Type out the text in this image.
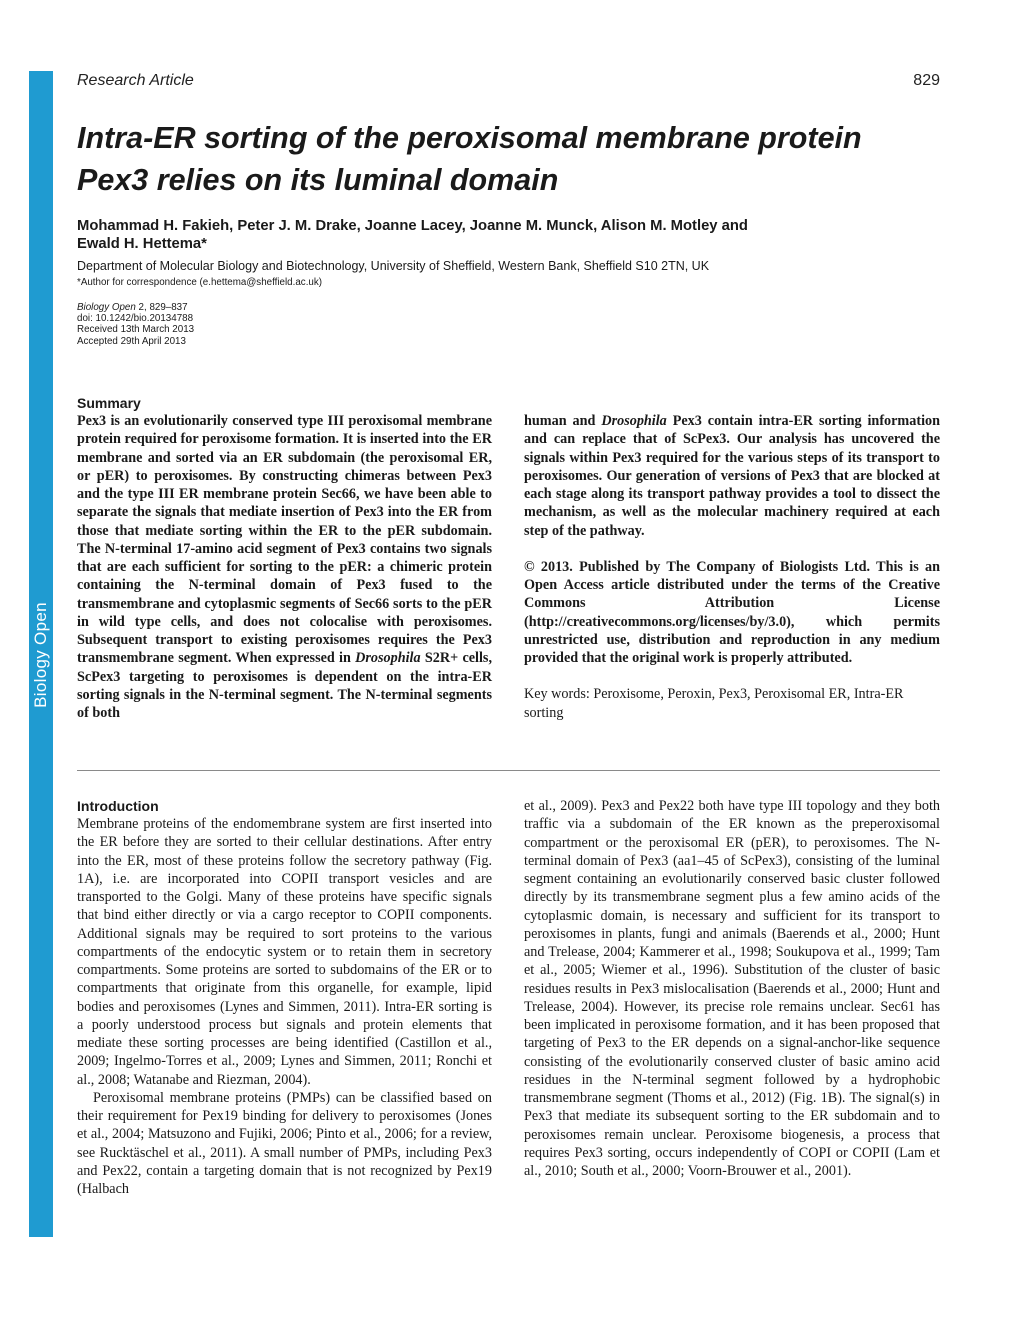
Biology Open
Research Article	829
Intra-ER sorting of the peroxisomal membrane protein
Pex3 relies on its luminal domain
Mohammad H. Fakieh, Peter J. M. Drake, Joanne Lacey, Joanne M. Munck, Alison M. Motley and
Ewald H. Hettema*
Department of Molecular Biology and Biotechnology, University of Sheffield, Western Bank, Sheffield S10 2TN, UK
*Author for correspondence (e.hettema@sheffield.ac.uk)
Biology Open 2, 829–837
doi: 10.1242/bio.20134788
Received 13th March 2013
Accepted 29th April 2013
Summary

Pex3 is an evolutionarily conserved type III peroxisomal membrane protein required for peroxisome formation. It is inserted into the ER membrane and sorted via an ER subdomain (the peroxisomal ER, or pER) to peroxisomes. By constructing chimeras between Pex3 and the type III ER membrane protein Sec66, we have been able to separate the signals that mediate insertion of Pex3 into the ER from those that mediate sorting within the ER to the pER subdomain. The N-terminal 17-amino acid segment of Pex3 contains two signals that are each sufficient for sorting to the pER: a chimeric protein containing the N-terminal domain of Pex3 fused to the transmembrane and cytoplasmic segments of Sec66 sorts to the pER in wild type cells, and does not colocalise with peroxisomes. Subsequent transport to existing peroxisomes requires the Pex3 transmembrane segment. When expressed in Drosophila S2R+ cells, ScPex3 targeting to peroxisomes is dependent on the intra-ER sorting signals in the N-terminal segment. The N-terminal segments of both

human and Drosophila Pex3 contain intra-ER sorting information and can replace that of ScPex3. Our analysis has uncovered the signals within Pex3 required for the various steps of its transport to peroxisomes. Our generation of versions of Pex3 that are blocked at each stage along its transport pathway provides a tool to dissect the mechanism, as well as the molecular machinery required at each step of the pathway.

© 2013. Published by The Company of Biologists Ltd. This is an Open Access article distributed under the terms of the Creative Commons Attribution License (http://creativecommons.org/licenses/by/3.0), which permits unrestricted use, distribution and reproduction in any medium provided that the original work is properly attributed.

Key words: Peroxisome, Peroxin, Pex3, Peroxisomal ER, Intra-ER sorting

Introduction

Membrane proteins of the endomembrane system are first inserted into the ER before they are sorted to their cellular destinations. After entry into the ER, most of these proteins follow the secretory pathway (Fig. 1A), i.e. are incorporated into COPII transport vesicles and are transported to the Golgi. Many of these proteins have specific signals that bind either directly or via a cargo receptor to COPII components. Additional signals may be required to sort proteins to the various compartments of the endocytic system or to retain them in secretory compartments. Some proteins are sorted to subdomains of the ER or to compartments that originate from this organelle, for example, lipid bodies and peroxisomes (Lynes and Simmen, 2011). Intra-ER sorting is a poorly understood process but signals and protein elements that mediate these sorting processes are being identified (Castillon et al., 2009; Ingelmo-Torres et al., 2009; Lynes and Simmen, 2011; Ronchi et al., 2008; Watanabe and Riezman, 2004).

Peroxisomal membrane proteins (PMPs) can be classified based on their requirement for Pex19 binding for delivery to peroxisomes (Jones et al., 2004; Matsuzono and Fujiki, 2006; Pinto et al., 2006; for a review, see Rucktäschel et al., 2011). A small number of PMPs, including Pex3 and Pex22, contain a targeting domain that is not recognized by Pex19 (Halbach

et al., 2009). Pex3 and Pex22 both have type III topology and they both traffic via a subdomain of the ER known as the preperoxisomal compartment or the peroxisomal ER (pER), to peroxisomes. The N-terminal domain of Pex3 (aa1–45 of ScPex3), consisting of the luminal segment containing an evolutionarily conserved basic cluster followed directly by its transmembrane segment plus a few amino acids of the cytoplasmic domain, is necessary and sufficient for its transport to peroxisomes in plants, fungi and animals (Baerends et al., 2000; Hunt and Trelease, 2004; Kammerer et al., 1998; Soukupova et al., 1999; Tam et al., 2005; Wiemer et al., 1996). Substitution of the cluster of basic residues results in Pex3 mislocalisation (Baerends et al., 2000; Hunt and Trelease, 2004). However, its precise role remains unclear. Sec61 has been implicated in peroxisome formation, and it has been proposed that targeting of Pex3 to the ER depends on a signal-anchor-like sequence consisting of the evolutionarily conserved cluster of basic amino acid residues in the N-terminal segment followed by a hydrophobic transmembrane segment (Thoms et al., 2012) (Fig. 1B). The signal(s) in Pex3 that mediate its subsequent sorting to the ER subdomain and to peroxisomes remain unclear. Peroxisome biogenesis, a process that requires Pex3 sorting, occurs independently of COPI or COPII (Lam et al., 2010; South et al., 2000; Voorn-Brouwer et al., 2001).
